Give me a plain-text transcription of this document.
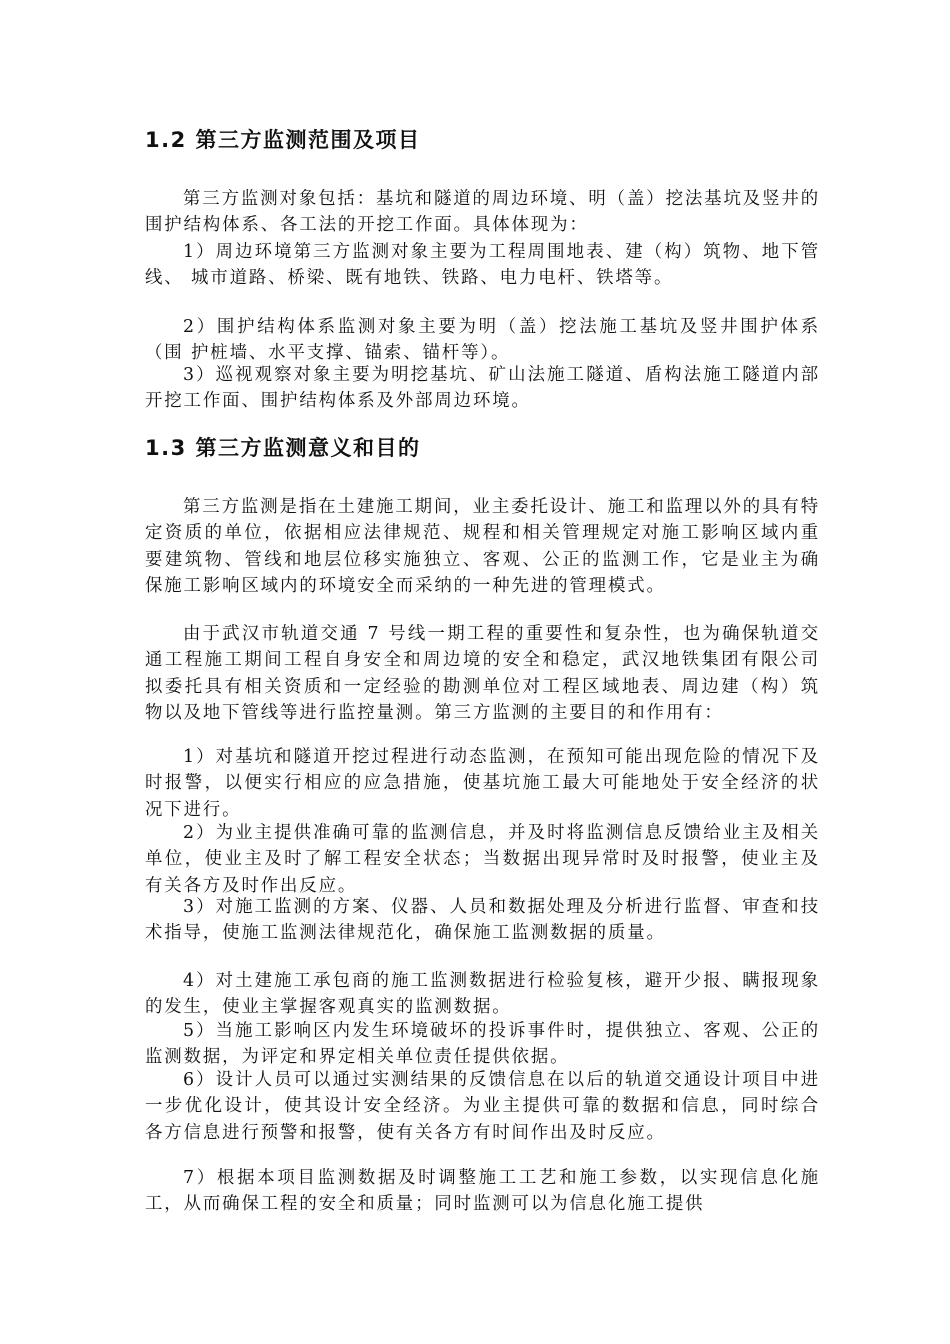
1.2 第三方监测范围及项目

第三方监测对象包括：基坑和隧道的周边环境、明（盖）挖法基坑及竖井的围护结构体系、各工法的开挖工作面。具体体现为：

1）周边环境第三方监测对象主要为工程周围地表、建（构）筑物、地下管线、 城市道路、桥梁、既有地铁、铁路、电力电杆、铁塔等。

2）围护结构体系监测对象主要为明（盖）挖法施工基坑及竖井围护体系（围 护桩墙、水平支撑、锚索、锚杆等）。

3）巡视观察对象主要为明挖基坑、矿山法施工隧道、盾构法施工隧道内部开挖工作面、围护结构体系及外部周边环境。

1.3 第三方监测意义和目的

第三方监测是指在土建施工期间，业主委托设计、施工和监理以外的具有特定资质的单位，依据相应法律规范、规程和相关管理规定对施工影响区域内重要建筑物、管线和地层位移实施独立、客观、公正的监测工作，它是业主为确保施工影响区域内的环境安全而采纳的一种先进的管理模式。

由于武汉市轨道交通 7 号线一期工程的重要性和复杂性，也为确保轨道交通工程施工期间工程自身安全和周边境的安全和稳定，武汉地铁集团有限公司拟委托具有相关资质和一定经验的勘测单位对工程区域地表、周边建（构）筑物以及地下管线等进行监控量测。第三方监测的主要目的和作用有：

1）对基坑和隧道开挖过程进行动态监测，在预知可能出现危险的情况下及时报警，以便实行相应的应急措施，使基坑施工最大可能地处于安全经济的状况下进行。

2）为业主提供准确可靠的监测信息，并及时将监测信息反馈给业主及相关单位，使业主及时了解工程安全状态；当数据出现异常时及时报警，使业主及有关各方及时作出反应。

3）对施工监测的方案、仪器、人员和数据处理及分析进行监督、审查和技术指导，使施工监测法律规范化，确保施工监测数据的质量。

4）对土建施工承包商的施工监测数据进行检验复核，避开少报、瞒报现象的发生，使业主掌握客观真实的监测数据。

5）当施工影响区内发生环境破坏的投诉事件时，提供独立、客观、公正的监测数据，为评定和界定相关单位责任提供依据。

6）设计人员可以通过实测结果的反馈信息在以后的轨道交通设计项目中进一步优化设计，使其设计安全经济。为业主提供可靠的数据和信息，同时综合各方信息进行预警和报警，使有关各方有时间作出及时反应。

7）根据本项目监测数据及时调整施工工艺和施工参数，以实现信息化施工，从而确保工程的安全和质量；同时监测可以为信息化施工提供
